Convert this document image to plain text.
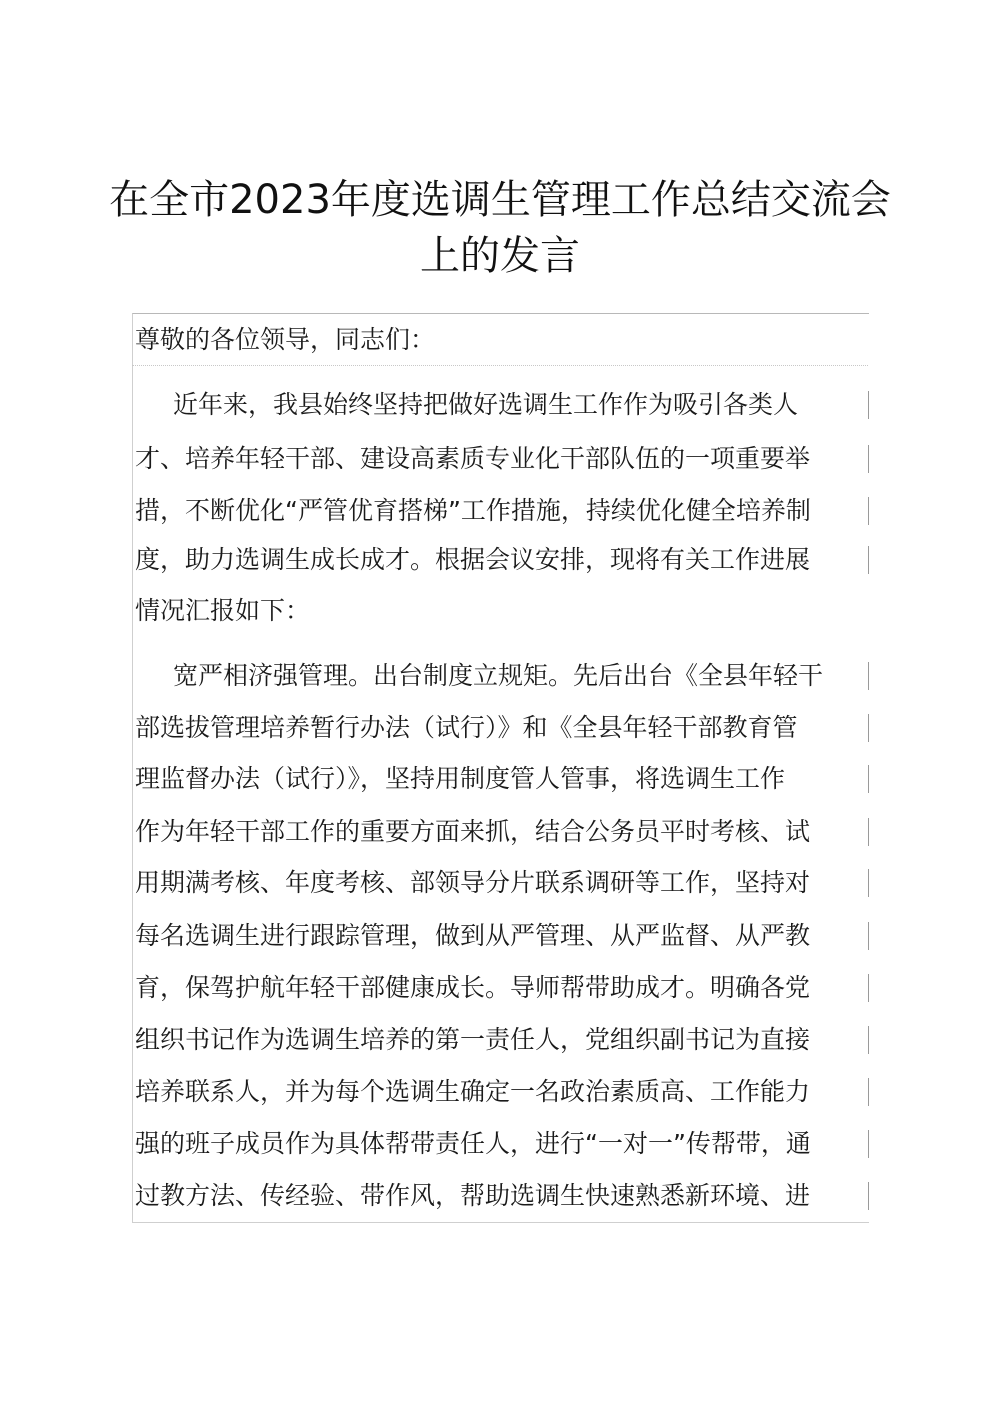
在全市2023年度选调生管理工作总结交流会
上的发言
尊敬的各位领导，同志们：
近年来，我县始终坚持把做好选调生工作作为吸引各类人
才、培养年轻干部、建设高素质专业化干部队伍的一项重要举
措，不断优化“严管优育搭梯”工作措施，持续优化健全培养制
度，助力选调生成长成才。根据会议安排，现将有关工作进展
情况汇报如下：
宽严相济强管理。出台制度立规矩。先后出台《全县年轻干
部选拔管理培养暂行办法（试行）》和《全县年轻干部教育管
理监督办法（试行）》，坚持用制度管人管事，将选调生工作
作为年轻干部工作的重要方面来抓，结合公务员平时考核、试
用期满考核、年度考核、部领导分片联系调研等工作，坚持对
每名选调生进行跟踪管理，做到从严管理、从严监督、从严教
育，保驾护航年轻干部健康成长。导师帮带助成才。明确各党
组织书记作为选调生培养的第一责任人，党组织副书记为直接
培养联系人，并为每个选调生确定一名政治素质高、工作能力
强的班子成员作为具体帮带责任人，进行“一对一”传帮带，通
过教方法、传经验、带作风，帮助选调生快速熟悉新环境、进
